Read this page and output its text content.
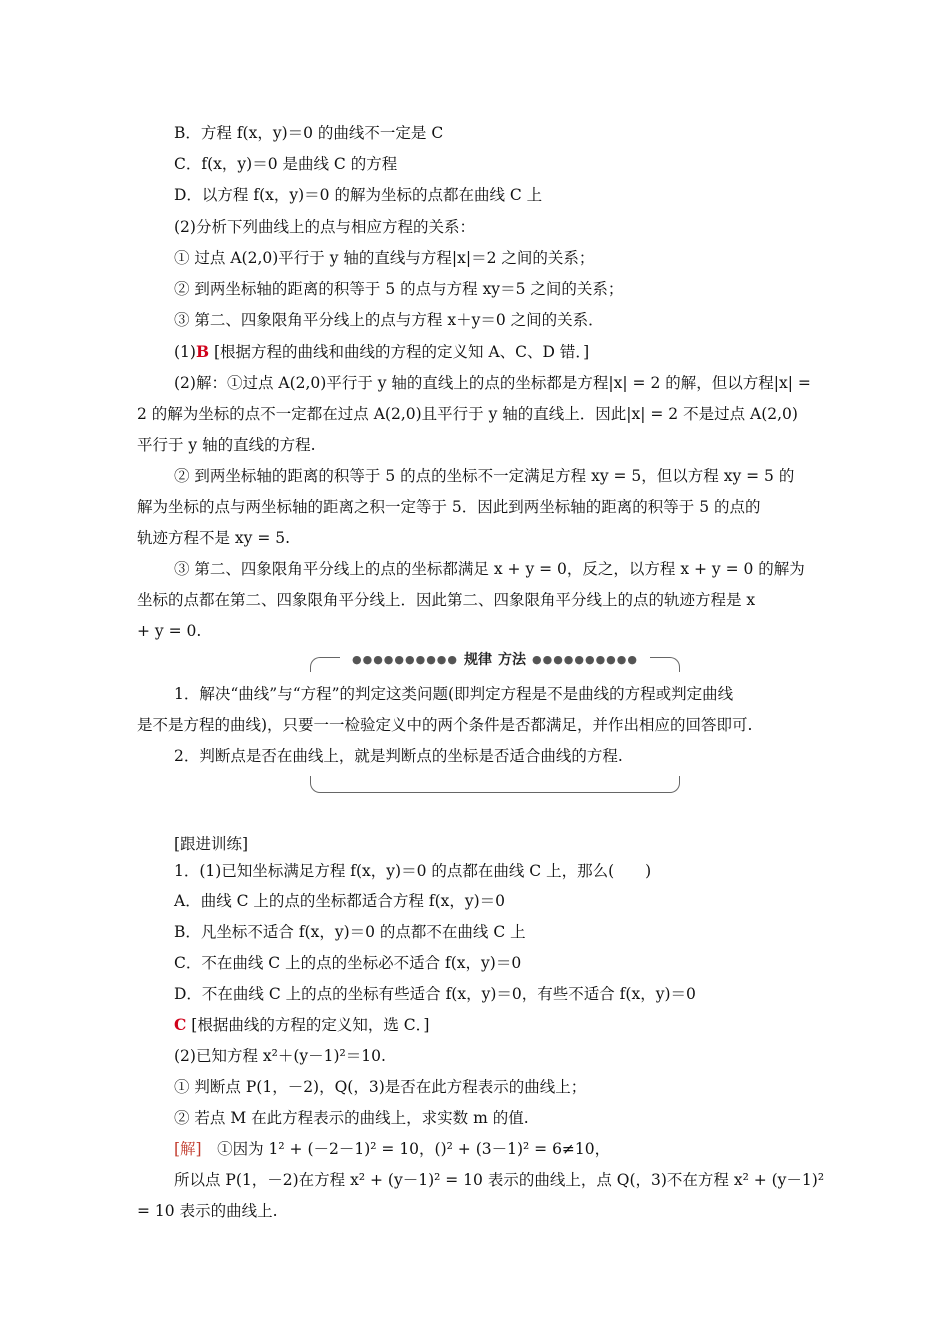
B．方程 f(x，y)＝0 的曲线不一定是 C
C．f(x，y)＝0 是曲线 C 的方程
D．以方程 f(x，y)＝0 的解为坐标的点都在曲线 C 上
(2)分析下列曲线上的点与相应方程的关系：
① 过点 A(2,0)平行于 y 轴的直线与方程|x|＝2 之间的关系；
② 到两坐标轴的距离的积等于 5 的点与方程 xy＝5 之间的关系；
③ 第二、四象限角平分线上的点与方程 x＋y＝0 之间的关系．
(1)B [根据方程的曲线和曲线的方程的定义知 A、C、D 错．]
(2)解：①过点 A(2,0)平行于 y 轴的直线上的点的坐标都是方程|x| = 2 的解，但以方程|x| =
2 的解为坐标的点不一定都在过点 A(2,0)且平行于 y 轴的直线上．因此|x| = 2 不是过点 A(2,0)
平行于 y 轴的直线的方程.
② 到两坐标轴的距离的积等于 5 的点的坐标不一定满足方程 xy = 5，但以方程 xy = 5 的
解为坐标的点与两坐标轴的距离之积一定等于 5．因此到两坐标轴的距离的积等于 5 的点的
轨迹方程不是 xy = 5.
③ 第二、四象限角平分线上的点的坐标都满足 x + y = 0，反之，以方程 x + y = 0 的解为
坐标的点都在第二、四象限角平分线上．因此第二、四象限角平分线上的点的轨迹方程是 x
+ y = 0.
●●●●●●●●●● 规律 方法 ●●●●●●●●●●
1．解决“曲线”与“方程”的判定这类问题(即判定方程是不是曲线的方程或判定曲线
是不是方程的曲线)，只要一一检验定义中的两个条件是否都满足，并作出相应的回答即可.
2．判断点是否在曲线上，就是判断点的坐标是否适合曲线的方程.
[跟进训练]
1．(1)已知坐标满足方程 f(x，y)＝0 的点都在曲线 C 上，那么(　　)
A．曲线 C 上的点的坐标都适合方程 f(x，y)＝0
B．凡坐标不适合 f(x，y)＝0 的点都不在曲线 C 上
C．不在曲线 C 上的点的坐标必不适合 f(x，y)＝0
D．不在曲线 C 上的点的坐标有些适合 f(x，y)＝0，有些不适合 f(x，y)＝0
C [根据曲线的方程的定义知，选 C．]
(2)已知方程 x²＋(y－1)²＝10.
① 判断点 P(1，－2)，Q(，3)是否在此方程表示的曲线上；
② 若点 M 在此方程表示的曲线上，求实数 m 的值.
[解]　①因为 1² + (－2－1)² = 10，()² + (3－1)² = 6≠10，
所以点 P(1，－2)在方程 x² + (y－1)² = 10 表示的曲线上，点 Q(，3)不在方程 x² + (y－1)²
= 10 表示的曲线上.
